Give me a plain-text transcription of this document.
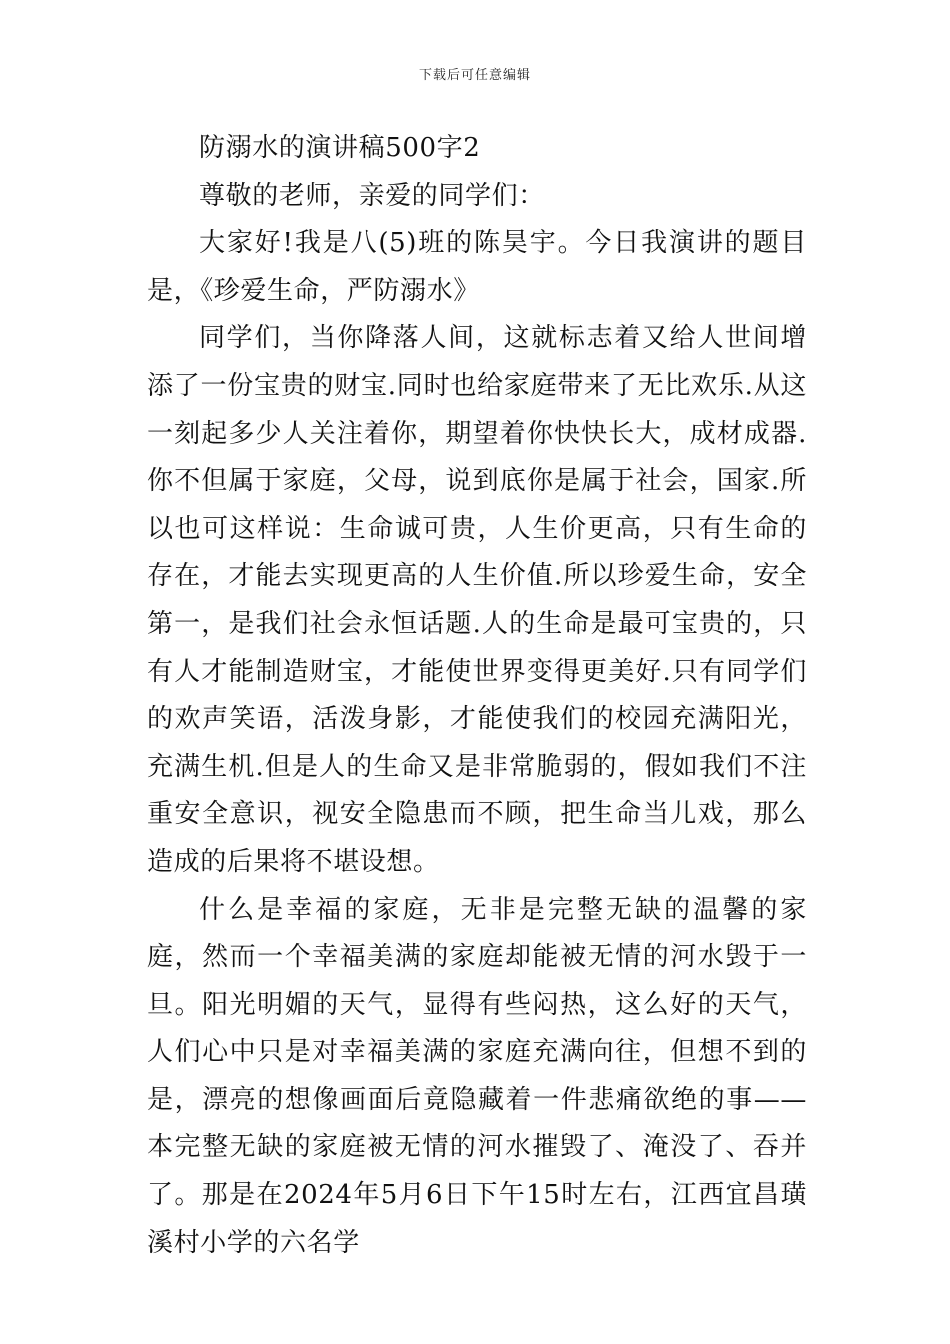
下载后可任意编辑

防溺水的演讲稿500字2

尊敬的老师，亲爱的同学们：

大家好!我是八(5)班的陈昊宇。今日我演讲的题目是，《珍爱生命，严防溺水》

同学们，当你降落人间，这就标志着又给人世间增添了一份宝贵的财宝.同时也给家庭带来了无比欢乐.从这一刻起多少人关注着你，期望着你快快长大，成材成器.你不但属于家庭，父母，说到底你是属于社会，国家.所以也可这样说：生命诚可贵，人生价更高，只有生命的存在，才能去实现更高的人生价值.所以珍爱生命，安全第一，是我们社会永恒话题.人的生命是最可宝贵的，只有人才能制造财宝，才能使世界变得更美好.只有同学们的欢声笑语，活泼身影，才能使我们的校园充满阳光，充满生机.但是人的生命又是非常脆弱的，假如我们不注重安全意识，视安全隐患而不顾，把生命当儿戏，那么造成的后果将不堪设想。

什么是幸福的家庭，无非是完整无缺的温馨的家庭，然而一个幸福美满的家庭却能被无情的河水毁于一旦。阳光明媚的天气，显得有些闷热，这么好的天气，人们心中只是对幸福美满的家庭充满向往，但想不到的是，漂亮的想像画面后竟隐藏着一件悲痛欲绝的事——本完整无缺的家庭被无情的河水摧毁了、淹没了、吞并了。那是在2024年5月6日下午15时左右，江西宜昌璜溪村小学的六名学
